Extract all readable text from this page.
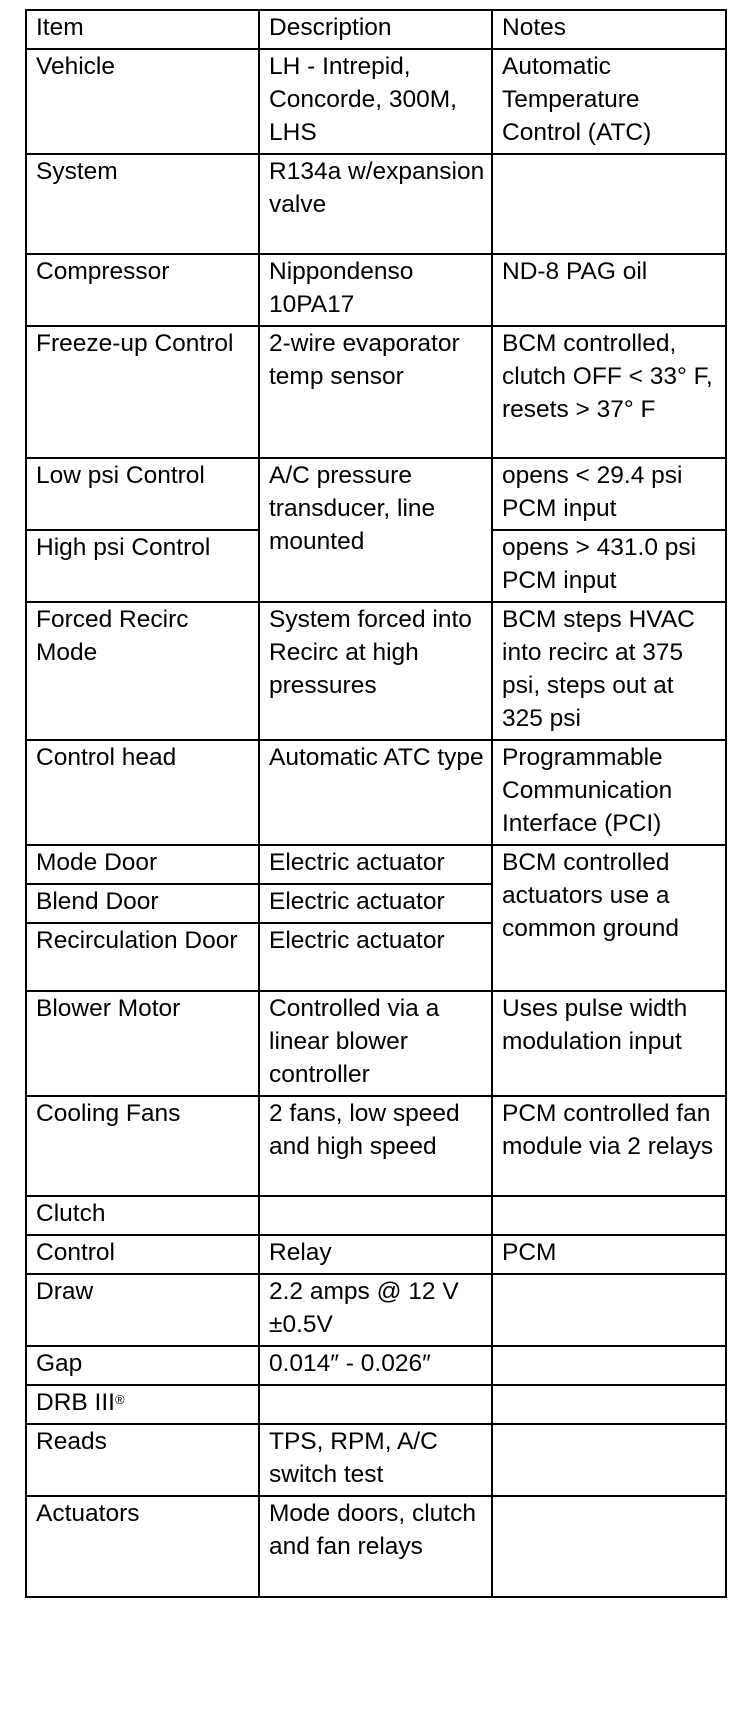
Item	Description	Notes
Vehicle	LH - Intrepid, Concorde, 300M, LHS	Automatic Temperature Control (ATC)
System	R134a w/expansion valve	
Compressor	Nippondenso 10PA17	ND-8 PAG oil
Freeze-up Control	2-wire evaporator temp sensor	BCM controlled, clutch OFF < 33° F, resets > 37° F
Low psi Control	A/C pressure transducer, line mounted	opens < 29.4 psi PCM input
High psi Control		opens > 431.0 psi PCM input
Forced Recirc Mode	System forced into Recirc at high pressures	BCM steps HVAC into recirc at 375 psi, steps out at 325 psi
Control head	Automatic ATC type	Programmable Communication Interface (PCI)
Mode Door	Electric actuator	BCM controlled actuators use a common ground
Blend Door	Electric actuator	
Recirculation Door	Electric actuator	
Blower Motor	Controlled via a linear blower controller	Uses pulse width modulation input
Cooling Fans	2 fans, low speed and high speed	PCM controlled fan module via 2 relays
Clutch		
Control	Relay	PCM
Draw	2.2 amps @ 12 V ±0.5V	
Gap	0.014″ - 0.026″	
DRB III®		
Reads	TPS, RPM, A/C switch test	
Actuators	Mode doors, clutch and fan relays	
